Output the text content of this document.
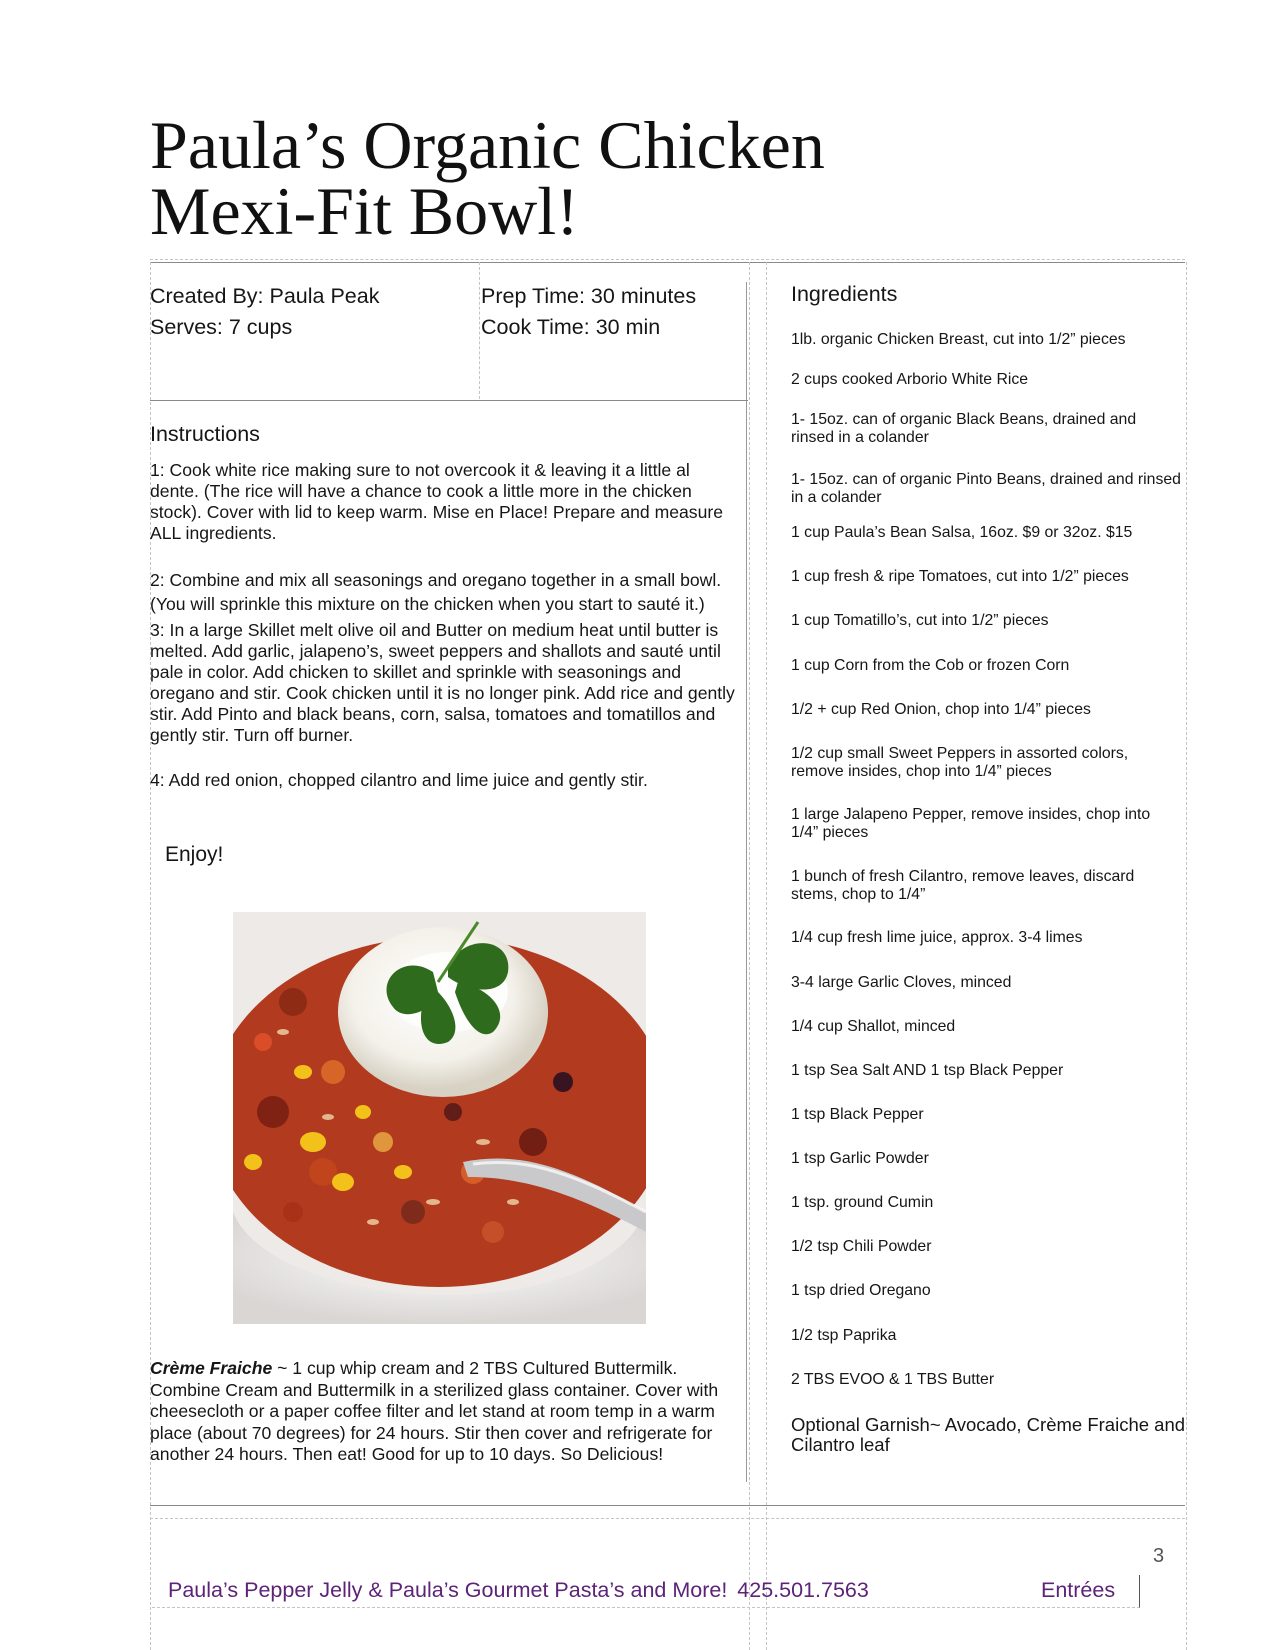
Paula’s Organic Chicken
Mexi-Fit Bowl!
Created By: Paula Peak
Serves: 7 cups
Prep Time: 30 minutes
Cook Time: 30 min
Instructions

1: Cook white rice making sure to not overcook it & leaving it a little al dente. (The rice will have a chance to cook a little more in the chicken stock). Cover with lid to keep warm. Mise en Place! Prepare and measure ALL ingredients.

2: Combine and mix all seasonings and oregano together in a small bowl. (You will sprinkle this mixture on the chicken when you start to sauté it.)

3: In a large Skillet melt olive oil and Butter on medium heat until butter is melted. Add garlic, jalapeno’s, sweet peppers and shallots and sauté until pale in color. Add chicken to skillet and sprinkle with seasonings and oregano and stir. Cook chicken until it is no longer pink. Add rice and gently stir. Add Pinto and black beans, corn, salsa, tomatoes and tomatillos and gently stir. Turn off burner.

4: Add red onion, chopped cilantro and lime juice and gently stir.

Enjoy!
Crème Fraiche ~ 1 cup whip cream and 2 TBS Cultured Buttermilk. Combine Cream and Buttermilk in a sterilized glass container. Cover with cheesecloth or a paper coffee filter and let stand at room temp in a warm place (about 70 degrees) for 24 hours. Stir then cover and refrigerate for another 24 hours. Then eat! Good for up to 10 days. So Delicious!
Ingredients
1lb. organic Chicken Breast, cut into 1/2” pieces
2 cups cooked Arborio White Rice
1- 15oz. can of organic Black Beans, drained and rinsed in a colander
1- 15oz. can of organic Pinto Beans, drained and rinsed in a colander
1 cup Paula’s Bean Salsa, 16oz. $9 or 32oz. $15
1 cup fresh & ripe Tomatoes, cut into 1/2” pieces
1 cup Tomatillo’s, cut into 1/2” pieces
1 cup Corn from the Cob or frozen Corn
1/2 + cup Red Onion, chop into 1/4” pieces
1/2 cup small Sweet Peppers in assorted colors, remove insides, chop into 1/4” pieces
1 large Jalapeno Pepper, remove insides, chop into 1/4” pieces
1 bunch of fresh Cilantro, remove leaves, discard stems, chop to 1/4”
1/4 cup fresh lime juice, approx. 3-4 limes
3-4 large Garlic Cloves, minced
1/4 cup Shallot, minced
1 tsp Sea Salt AND 1 tsp Black Pepper
1 tsp Black Pepper
1 tsp Garlic Powder
1 tsp. ground Cumin
1/2 tsp Chili Powder
1 tsp dried Oregano
1/2 tsp Paprika
2 TBS EVOO & 1 TBS Butter
Optional Garnish~ Avocado, Crème Fraiche and Cilantro leaf
3
Paula’s Pepper Jelly & Paula’s Gourmet Pasta’s and More! 425.501.7563	Entrées
